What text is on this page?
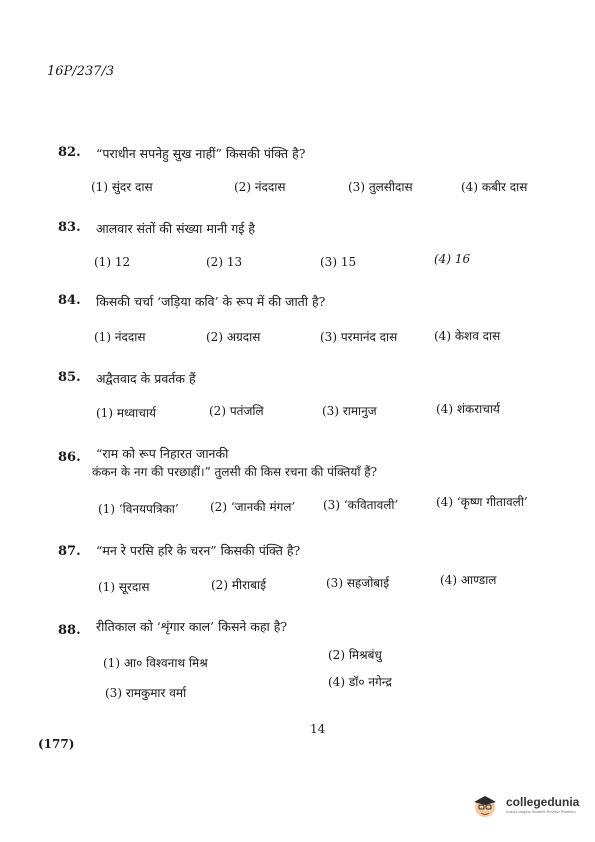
16P/237/3
82. “पराधीन सपनेहु सुख नाहीं” किसकी पंक्ति है?
(1) सुंदर दास	(2) नंददास	(3) तुलसीदास	(4) कबीर दास
83. आलवार संतों की संख्या मानी गई है
(1) 12	(2) 13	(3) 15	(4) 16
84. किसकी चर्चा ‘जड़िया कवि’ के रूप में की जाती है?
(1) नंददास	(2) अग्रदास	(3) परमानंद दास	(4) केशव दास
85. अद्वैतवाद के प्रवर्तक हैं
(1) मध्वाचार्य	(2) पतंजलि	(3) रामानुज	(4) शंकराचार्य
86. “राम को रूप निहारत जानकी
कंकन के नग की परछाहीं।” तुलसी की किस रचना की पंक्तियाँ हैं?
(1) ‘विनयपत्रिका’	(2) ‘जानकी मंगल’ (3) ‘कवितावली’	(4) ‘कृष्ण गीतावली’
87. “मन रे परसि हरि के चरन” किसकी पंक्ति है?
(1) सूरदास	(2) मीराबाई	(3) सहजोबाई	(4) आण्डाल
88. रीतिकाल को ‘शृंगार काल’ किसने कहा है?
(1) आ० विश्वनाथ मिश्र
(2) मिश्रबंधु
(3) रामकुमार वर्मा
(4) डॉ० नगेन्द्र
14
(177)
collegedunia
India's largest Student Review Platform
